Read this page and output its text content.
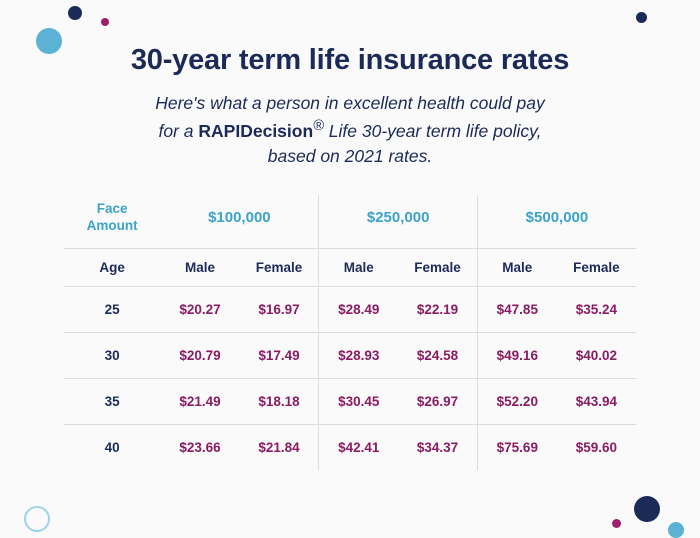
30-year term life insurance rates
Here's what a person in excellent health could pay
for a RAPIDecision® Life 30-year term life policy,
based on 2021 rates.
Face
Amount	$100,000		$250,000		$500,000	
Age	Male	Female	Male	Female	Male	Female
25	$20.27	$16.97	$28.49	$22.19	$47.85	$35.24
30	$20.79	$17.49	$28.93	$24.58	$49.16	$40.02
35	$21.49	$18.18	$30.45	$26.97	$52.20	$43.94
40	$23.66	$21.84	$42.41	$34.37	$75.69	$59.60
